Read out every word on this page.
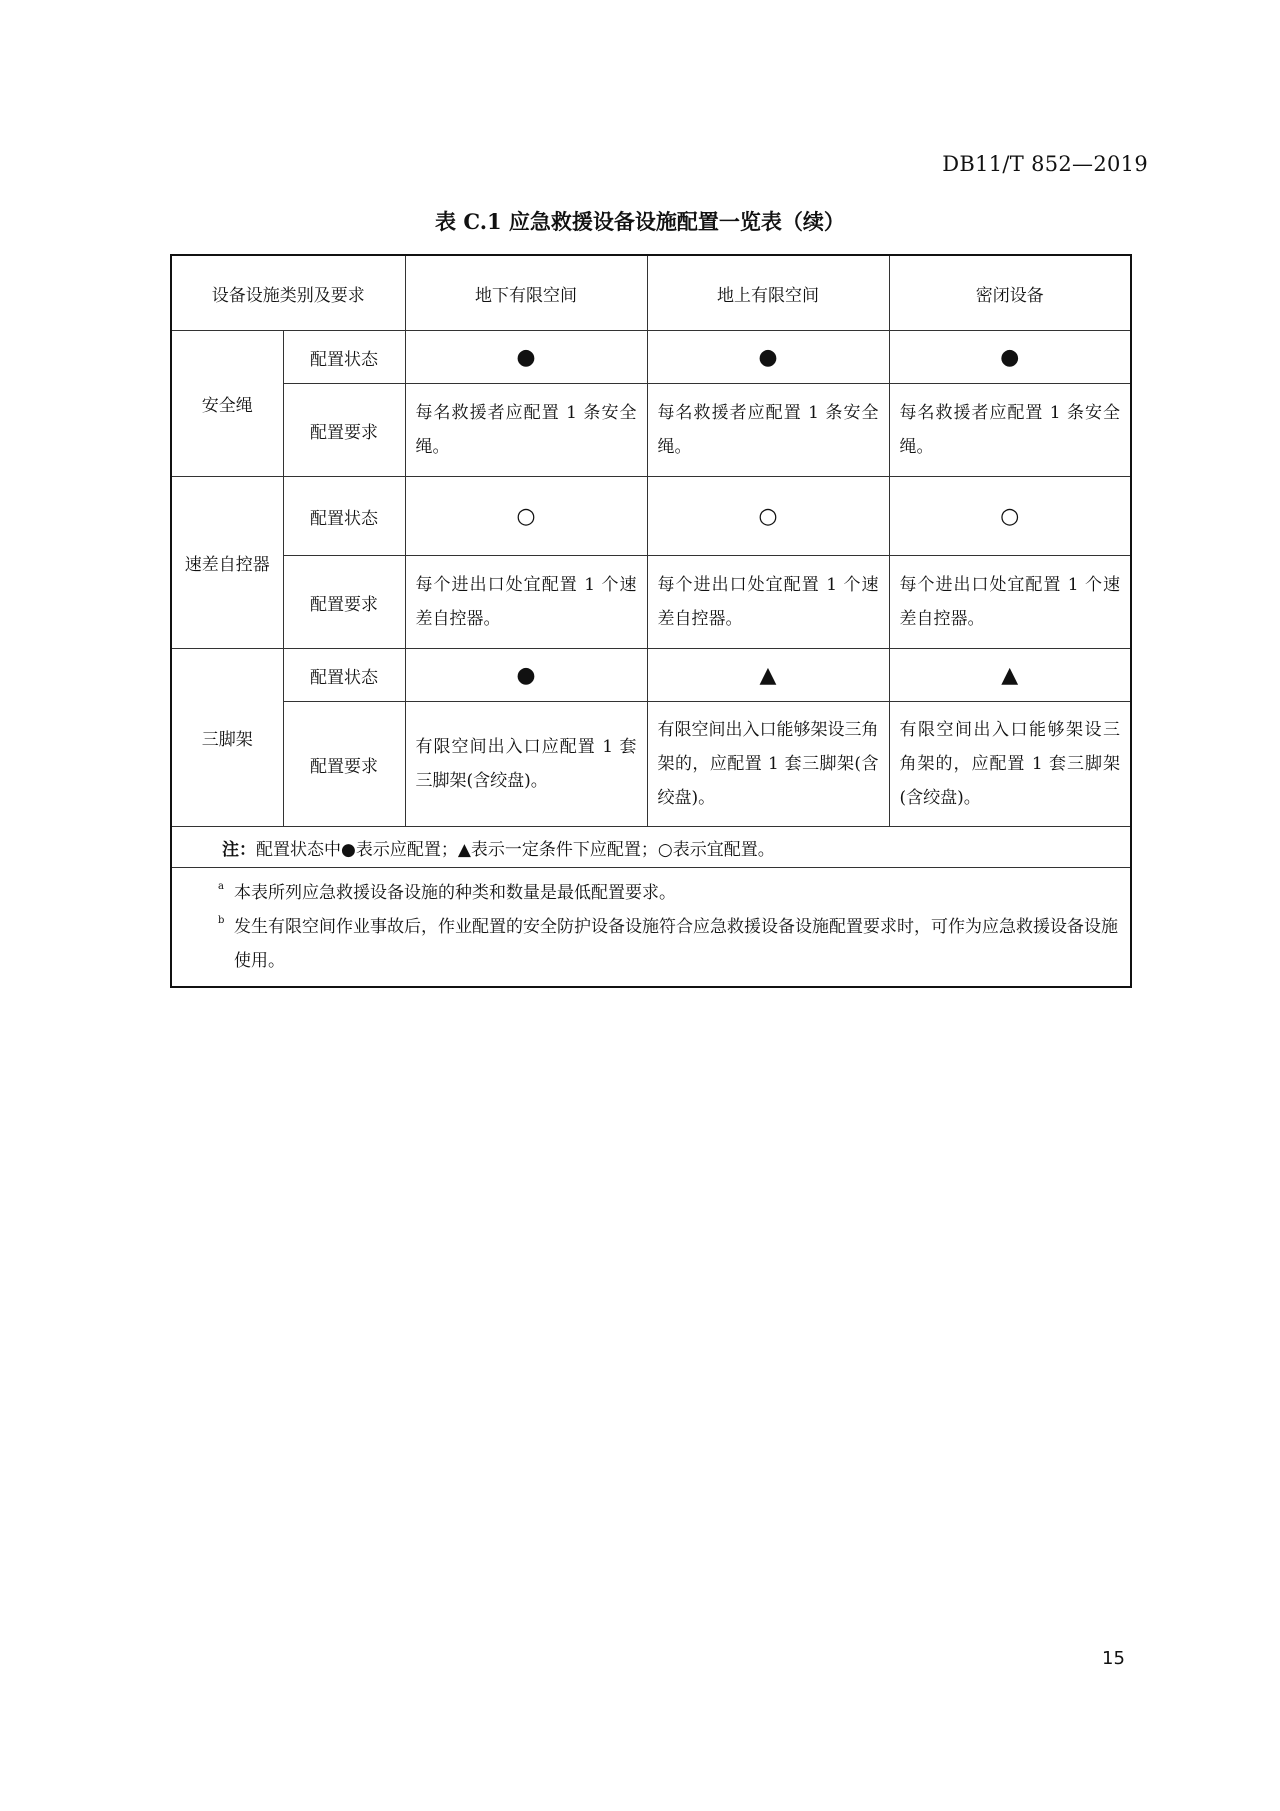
DB11/T 852—2019
表 C.1 应急救援设备设施配置一览表（续）
设备设施类别及要求		地下有限空间	地上有限空间	密闭设备
安全绳	配置状态	●	●	●
	配置要求	每名救援者应配置 1 条安全绳。	每名救援者应配置 1 条安全绳。	每名救援者应配置 1 条安全绳。
速差自控器	配置状态	○	○	○
	配置要求	每个进出口处宜配置 1 个速差自控器。	每个进出口处宜配置 1 个速差自控器。	每个进出口处宜配置 1 个速差自控器。
三脚架	配置状态	●	▲	▲
	配置要求	有限空间出入口应配置 1 套三脚架(含绞盘)。	有限空间出入口能够架设三角架的，应配置 1 套三脚架(含绞盘)。	有限空间出入口能够架设三角架的，应配置 1 套三脚架(含绞盘)。
注：配置状态中●表示应配置；▲表示一定条件下应配置；○表示宜配置。				

a 本表所列应急救援设备设施的种类和数量是最低配置要求。
b 发生有限空间作业事故后，作业配置的安全防护设备设施符合应急救援设备设施配置要求时，可作为应急救援设备设施使用。				
15
